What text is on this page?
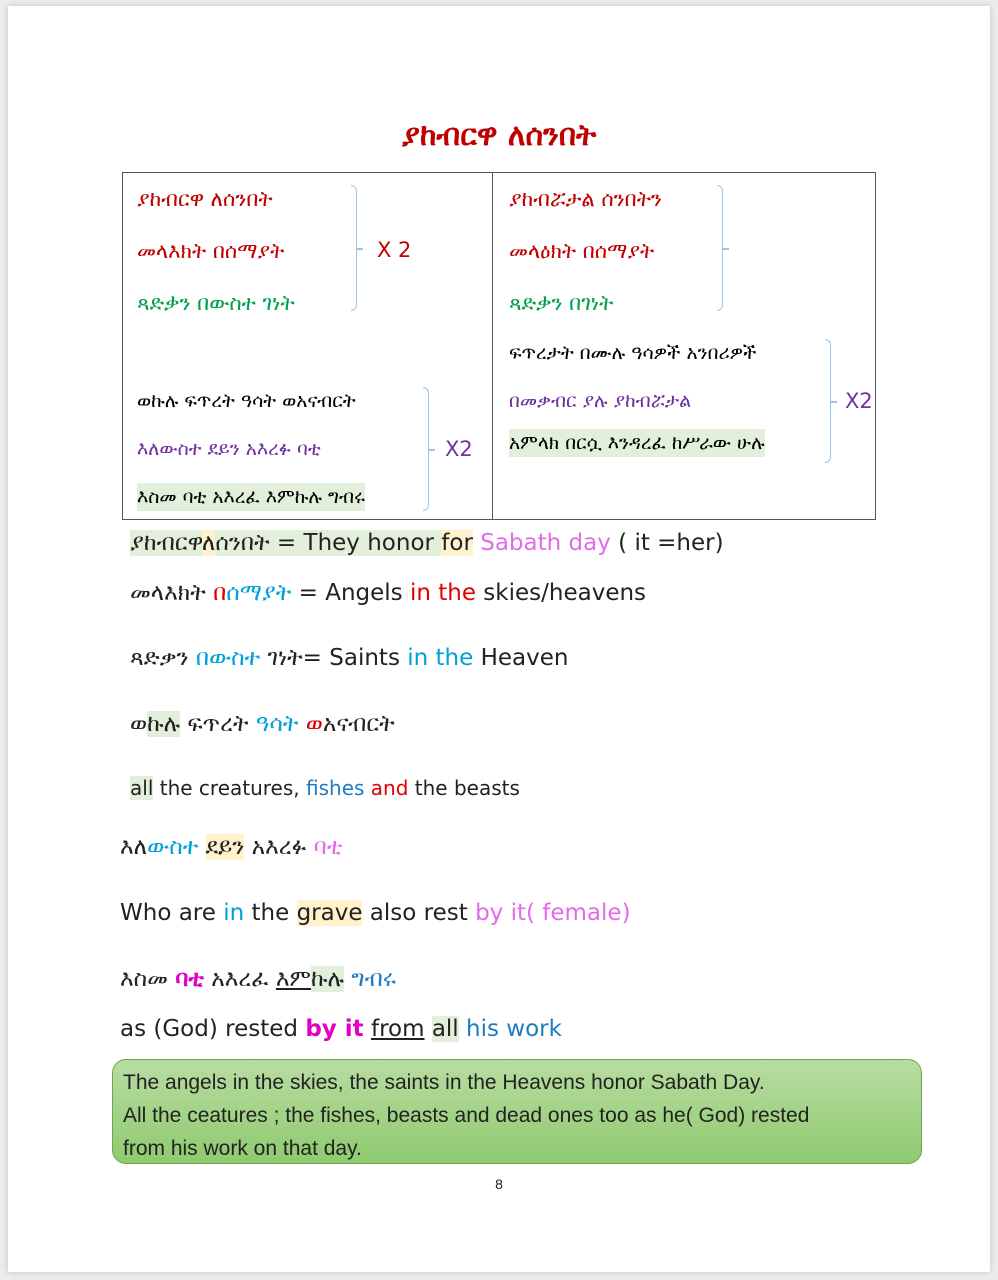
ያከብርዋ ለሰንበት
ያከብርዋ ለሰንበት
መላእክት በሰማያት
ጻድቃን በውስተ ገነት
X 2
ወኩሉ ፍጥረት ዓሳት ወአናብርት
እለውስተ ደይን አእረፉ ባቲ
እስመ ባቲ አእረፈ እምኩሉ ግብሩ
X2
ያከብሯታል ሰንበትን
መላዕክት በሰማያት
ጻድቃን በገነት
ፍጥረታት በሙሉ ዓሳዎች አንበሪዎች
በመቃብር ያሉ ያከብሯታል
አምላክ በርሷ እንዳረፈ ከሥራው ሁሉ
X2
ያከብርዋለሰንበት = They honor for Sabath day ( it =her)
መላእክት በሰማያት = Angels in the skies/heavens
ጻድቃን በውስተ ገነት= Saints in the Heaven
ወኩሉ ፍጥረት ዓሳት ወአናብርት
all the creatures, fishes and the beasts
እለውስተ ደይን አእረፉ ባቲ
Who are in the grave also rest by it( female)
እስመ ባቲ አእረፈ እምኩሉ ግብሩ
as (God) rested by it from all his work
The angels in the skies, the saints in the Heavens honor Sabath Day.
All the ceatures ; the fishes, beasts and dead ones too as he( God) rested
from his work on that day.
8
